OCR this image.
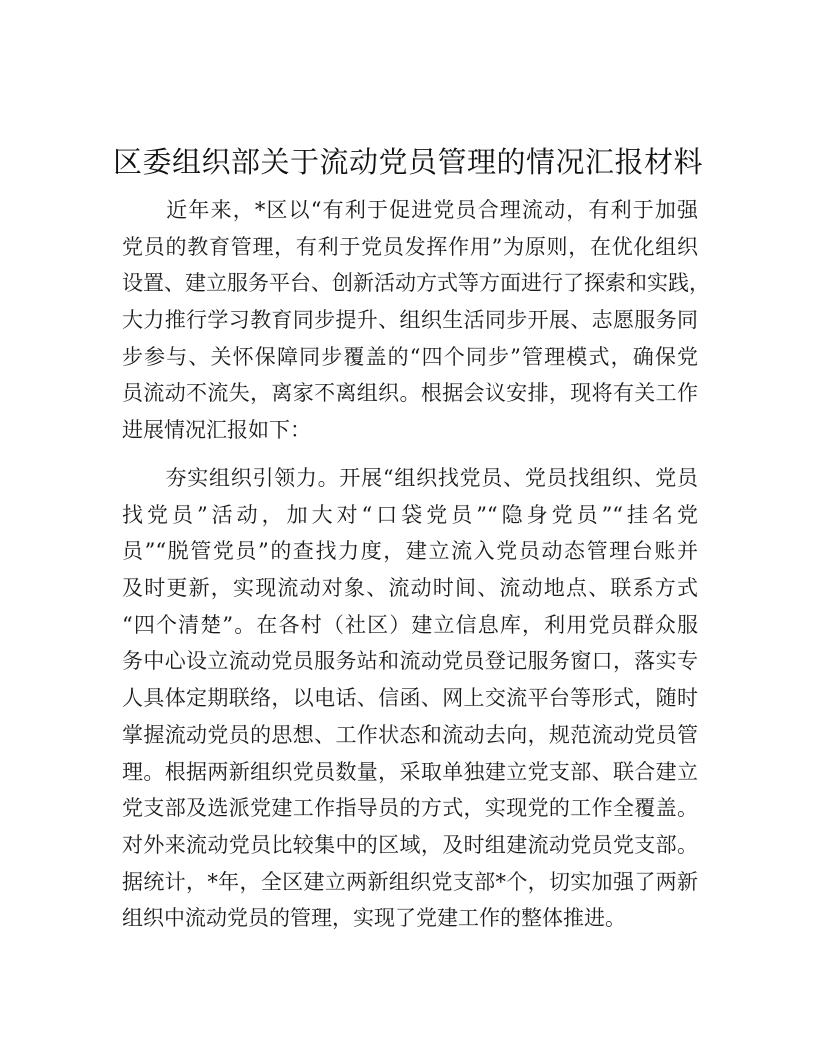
区委组织部关于流动党员管理的情况汇报材料
　　近年来，*区以“有利于促进党员合理流动，有利于加强
党员的教育管理，有利于党员发挥作用”为原则，在优化组织
设置、建立服务平台、创新活动方式等方面进行了探索和实践，
大力推行学习教育同步提升、组织生活同步开展、志愿服务同
步参与、关怀保障同步覆盖的“四个同步”管理模式，确保党
员流动不流失，离家不离组织。根据会议安排，现将有关工作
进展情况汇报如下：
　　夯实组织引领力。开展“组织找党员、党员找组织、党员
找党员”活动，加大对“口袋党员”“隐身党员”“挂名党
员”“脱管党员”的查找力度，建立流入党员动态管理台账并
及时更新，实现流动对象、流动时间、流动地点、联系方式
“四个清楚”。在各村（社区）建立信息库，利用党员群众服
务中心设立流动党员服务站和流动党员登记服务窗口，落实专
人具体定期联络，以电话、信函、网上交流平台等形式，随时
掌握流动党员的思想、工作状态和流动去向，规范流动党员管
理。根据两新组织党员数量，采取单独建立党支部、联合建立
党支部及选派党建工作指导员的方式，实现党的工作全覆盖。
对外来流动党员比较集中的区域，及时组建流动党员党支部。
据统计，*年，全区建立两新组织党支部*个，切实加强了两新
组织中流动党员的管理，实现了党建工作的整体推进。
